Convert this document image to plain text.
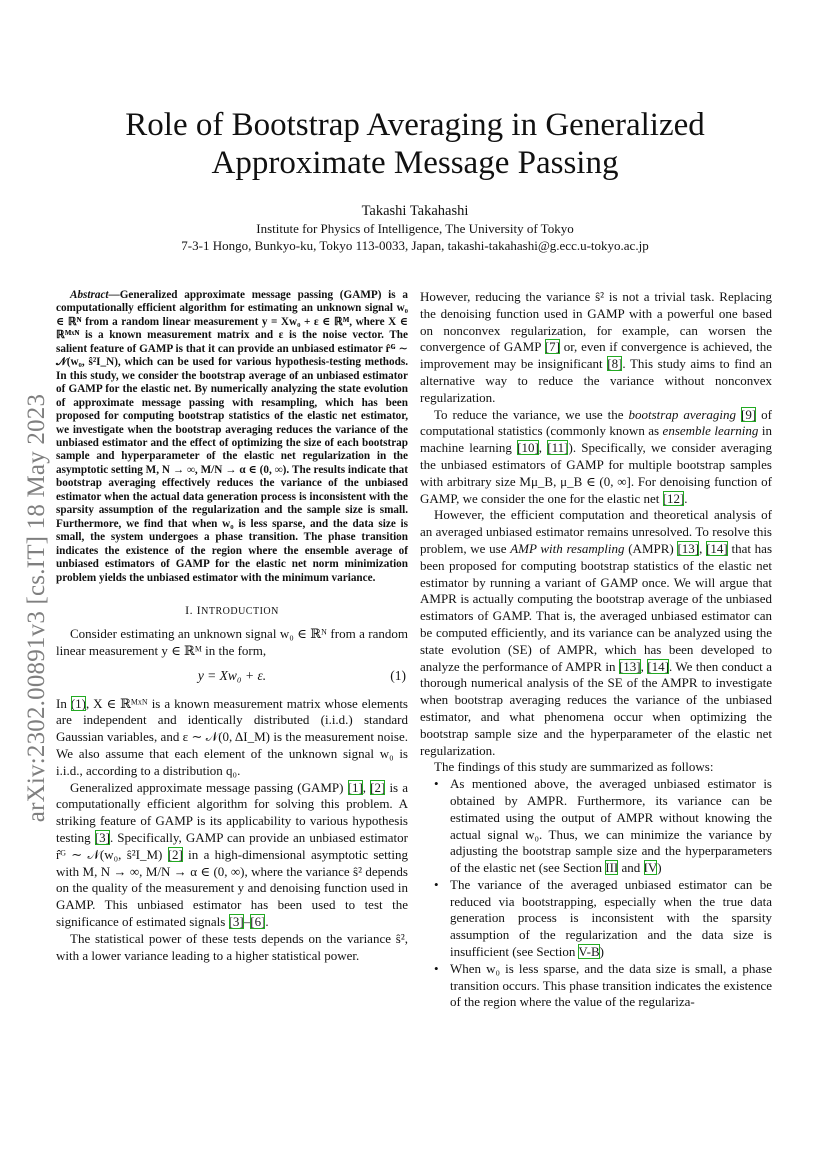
arXiv:2302.00891v3 [cs.IT] 18 May 2023
Role of Bootstrap Averaging in Generalized Approximate Message Passing
Takashi Takahashi
Institute for Physics of Intelligence, The University of Tokyo
7-3-1 Hongo, Bunkyo-ku, Tokyo 113-0033, Japan, takashi-takahashi@g.ecc.u-tokyo.ac.jp

Abstract—Generalized approximate message passing (GAMP) is a computationally efficient algorithm for estimating an unknown signal w₀ ∈ ℝᴺ from a random linear measurement y = Xw₀ + ε ∈ ℝᴹ, where X ∈ ℝᴹˣᴺ is a known measurement matrix and ε is the noise vector. The salient feature of GAMP is that it can provide an unbiased estimator r̂ᴳ ∼ 𝒩(w₀, ŝ²I_N), which can be used for various hypothesis-testing methods. In this study, we consider the bootstrap average of an unbiased estimator of GAMP for the elastic net. By numerically analyzing the state evolution of approximate message passing with resampling, which has been proposed for computing bootstrap statistics of the elastic net estimator, we investigate when the bootstrap averaging reduces the variance of the unbiased estimator and the effect of optimizing the size of each bootstrap sample and hyperparameter of the elastic net regularization in the asymptotic setting M, N → ∞, M/N → α ∈ (0, ∞). The results indicate that bootstrap averaging effectively reduces the variance of the unbiased estimator when the actual data generation process is inconsistent with the sparsity assumption of the regularization and the sample size is small. Furthermore, we find that when w₀ is less sparse, and the data size is small, the system undergoes a phase transition. The phase transition indicates the existence of the region where the ensemble average of unbiased estimators of GAMP for the elastic net norm minimization problem yields the unbiased estimator with the minimum variance.

I. INTRODUCTION

Consider estimating an unknown signal w₀ ∈ ℝᴺ from a random linear measurement y ∈ ℝᴹ in the form,

y = Xw₀ + ε.	(1)

In (1), X ∈ ℝᴹˣᴺ is a known measurement matrix whose elements are independent and identically distributed (i.i.d.) standard Gaussian variables, and ε ∼ 𝒩(0, ΔI_M) is the measurement noise. We also assume that each element of the unknown signal w₀ is i.i.d., according to a distribution q₀.

Generalized approximate message passing (GAMP) [1], [2] is a computationally efficient algorithm for solving this problem. A striking feature of GAMP is its applicability to various hypothesis testing [3]. Specifically, GAMP can provide an unbiased estimator r̂ᴳ ∼ 𝒩(w₀, ŝ²I_M) [2] in a high-dimensional asymptotic setting with M, N → ∞, M/N → α ∈ (0, ∞), where the variance ŝ² depends on the quality of the measurement y and denoising function used in GAMP. This unbiased estimator has been used to test the significance of estimated signals [3]–[6].

The statistical power of these tests depends on the variance ŝ², with a lower variance leading to a higher statistical power.

However, reducing the variance ŝ² is not a trivial task. Replacing the denoising function used in GAMP with a powerful one based on nonconvex regularization, for example, can worsen the convergence of GAMP [7] or, even if convergence is achieved, the improvement may be insignificant [8]. This study aims to find an alternative way to reduce the variance without nonconvex regularization.

To reduce the variance, we use the bootstrap averaging [9] of computational statistics (commonly known as ensemble learning in machine learning [10], [11]). Specifically, we consider averaging the unbiased estimators of GAMP for multiple bootstrap samples with arbitrary size Mμ_B, μ_B ∈ (0, ∞]. For denoising function of GAMP, we consider the one for the elastic net [12].

However, the efficient computation and theoretical analysis of an averaged unbiased estimator remains unresolved. To resolve this problem, we use AMP with resampling (AMPR) [13], [14] that has been proposed for computing bootstrap statistics of the elastic net estimator by running a variant of GAMP once. We will argue that AMPR is actually computing the bootstrap average of the unbiased estimators of GAMP. That is, the averaged unbiased estimator can be computed efficiently, and its variance can be analyzed using the state evolution (SE) of AMPR, which has been developed to analyze the performance of AMPR in [13], [14]. We then conduct a thorough numerical analysis of the SE of the AMPR to investigate when bootstrap averaging reduces the variance of the unbiased estimator, and what phenomena occur when optimizing the bootstrap sample size and the hyperparameter of the elastic net regularization.

The findings of this study are summarized as follows:

• As mentioned above, the averaged unbiased estimator is obtained by AMPR. Furthermore, its variance can be estimated using the output of AMPR without knowing the actual signal w₀. Thus, we can minimize the variance by adjusting the bootstrap sample size and the hyperparameters of the elastic net (see Section III and IV)
• The variance of the averaged unbiased estimator can be reduced via bootstrapping, especially when the true data generation process is inconsistent with the sparsity assumption of the regularization and the data size is insufficient (see Section V-B)
• When w₀ is less sparse, and the data size is small, a phase transition occurs. This phase transition indicates the existence of the region where the value of the regulariza-
